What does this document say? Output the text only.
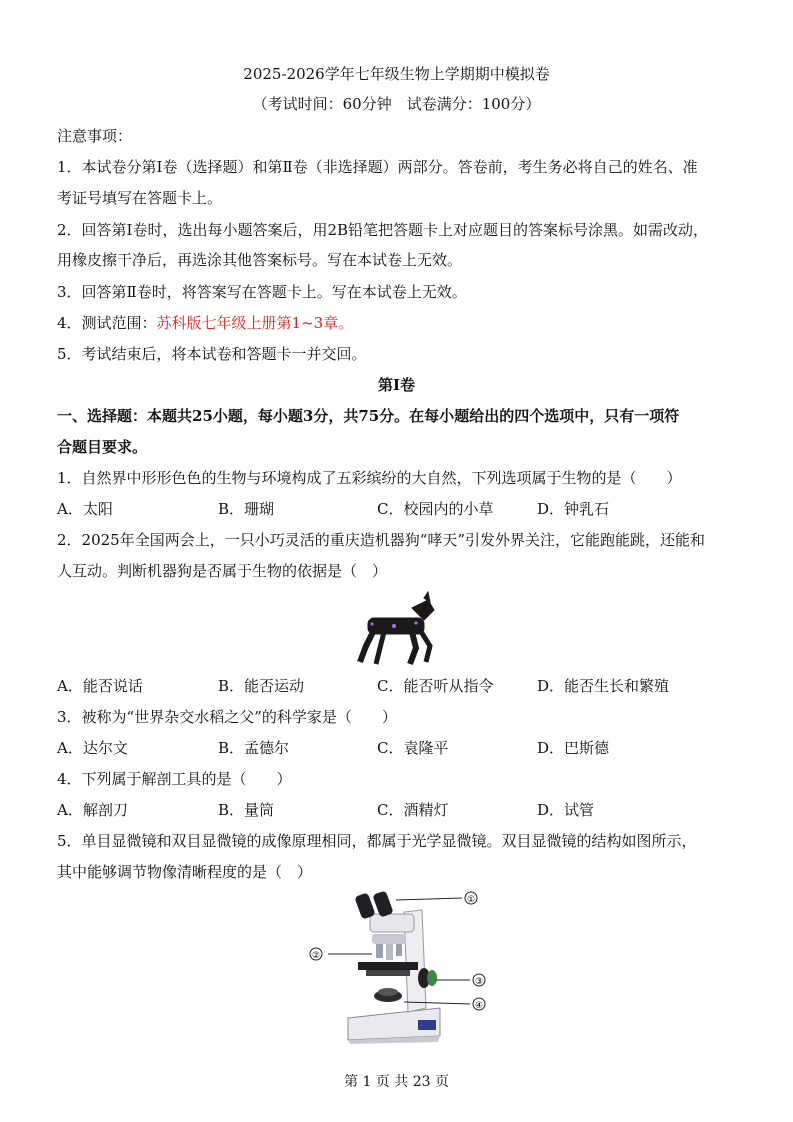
2025-2026学年七年级生物上学期期中模拟卷
（考试时间：60分钟　试卷满分：100分）
注意事项：
1．本试卷分第Ⅰ卷（选择题）和第Ⅱ卷（非选择题）两部分。答卷前，考生务必将自己的姓名、准
考证号填写在答题卡上。
2．回答第Ⅰ卷时，选出每小题答案后，用2B铅笔把答题卡上对应题目的答案标号涂黑。如需改动，
用橡皮擦干净后，再选涂其他答案标号。写在本试卷上无效。
3．回答第Ⅱ卷时，将答案写在答题卡上。写在本试卷上无效。
4．测试范围：苏科版七年级上册第1~3章。
5．考试结束后，将本试卷和答题卡一并交回。
第Ⅰ卷
一、选择题：本题共25小题，每小题3分，共75分。在每小题给出的四个选项中，只有一项符
合题目要求。
1．自然界中形形色色的生物与环境构成了五彩缤纷的大自然，下列选项属于生物的是（　　）
A．太阳	B．珊瑚	C．校园内的小草	D．钟乳石
2．2025年全国两会上，一只小巧灵活的重庆造机器狗“哮天”引发外界关注，它能跑能跳，还能和
人互动。判断机器狗是否属于生物的依据是（　）
A．能否说话	B．能否运动	C．能否听从指令	D．能否生长和繁殖
3．被称为“世界杂交水稻之父”的科学家是（　　）
A．达尔文	B．孟德尔	C．袁隆平	D．巴斯德
4．下列属于解剖工具的是（　　）
A．解剖刀	B．量筒	C．酒精灯	D．试管
5．单目显微镜和双目显微镜的成像原理相同，都属于光学显微镜。双目显微镜的结构如图所示，
其中能够调节物像清晰程度的是（　）
①
②
③
④
第 1 页 共 23 页
